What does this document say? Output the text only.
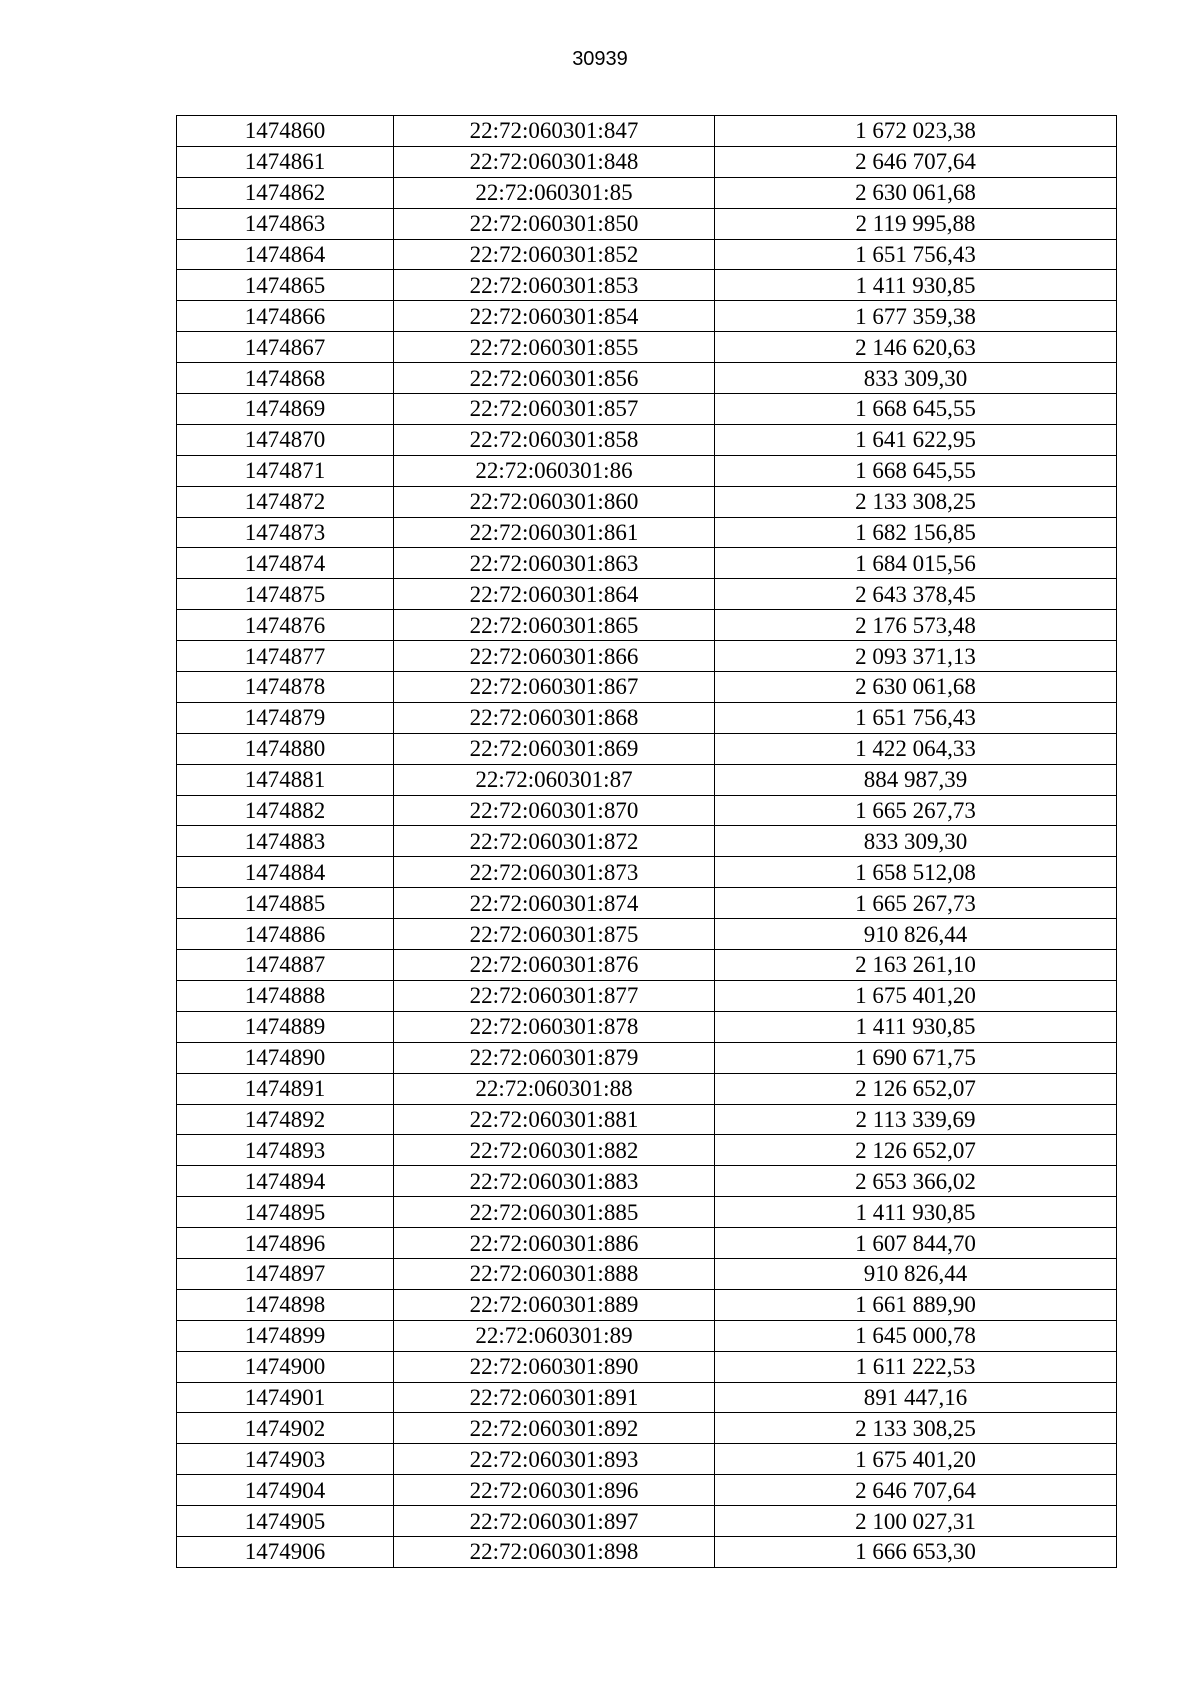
30939
1474860	22:72:060301:847	1 672 023,38
1474861	22:72:060301:848	2 646 707,64
1474862	22:72:060301:85	2 630 061,68
1474863	22:72:060301:850	2 119 995,88
1474864	22:72:060301:852	1 651 756,43
1474865	22:72:060301:853	1 411 930,85
1474866	22:72:060301:854	1 677 359,38
1474867	22:72:060301:855	2 146 620,63
1474868	22:72:060301:856	833 309,30
1474869	22:72:060301:857	1 668 645,55
1474870	22:72:060301:858	1 641 622,95
1474871	22:72:060301:86	1 668 645,55
1474872	22:72:060301:860	2 133 308,25
1474873	22:72:060301:861	1 682 156,85
1474874	22:72:060301:863	1 684 015,56
1474875	22:72:060301:864	2 643 378,45
1474876	22:72:060301:865	2 176 573,48
1474877	22:72:060301:866	2 093 371,13
1474878	22:72:060301:867	2 630 061,68
1474879	22:72:060301:868	1 651 756,43
1474880	22:72:060301:869	1 422 064,33
1474881	22:72:060301:87	884 987,39
1474882	22:72:060301:870	1 665 267,73
1474883	22:72:060301:872	833 309,30
1474884	22:72:060301:873	1 658 512,08
1474885	22:72:060301:874	1 665 267,73
1474886	22:72:060301:875	910 826,44
1474887	22:72:060301:876	2 163 261,10
1474888	22:72:060301:877	1 675 401,20
1474889	22:72:060301:878	1 411 930,85
1474890	22:72:060301:879	1 690 671,75
1474891	22:72:060301:88	2 126 652,07
1474892	22:72:060301:881	2 113 339,69
1474893	22:72:060301:882	2 126 652,07
1474894	22:72:060301:883	2 653 366,02
1474895	22:72:060301:885	1 411 930,85
1474896	22:72:060301:886	1 607 844,70
1474897	22:72:060301:888	910 826,44
1474898	22:72:060301:889	1 661 889,90
1474899	22:72:060301:89	1 645 000,78
1474900	22:72:060301:890	1 611 222,53
1474901	22:72:060301:891	891 447,16
1474902	22:72:060301:892	2 133 308,25
1474903	22:72:060301:893	1 675 401,20
1474904	22:72:060301:896	2 646 707,64
1474905	22:72:060301:897	2 100 027,31
1474906	22:72:060301:898	1 666 653,30
